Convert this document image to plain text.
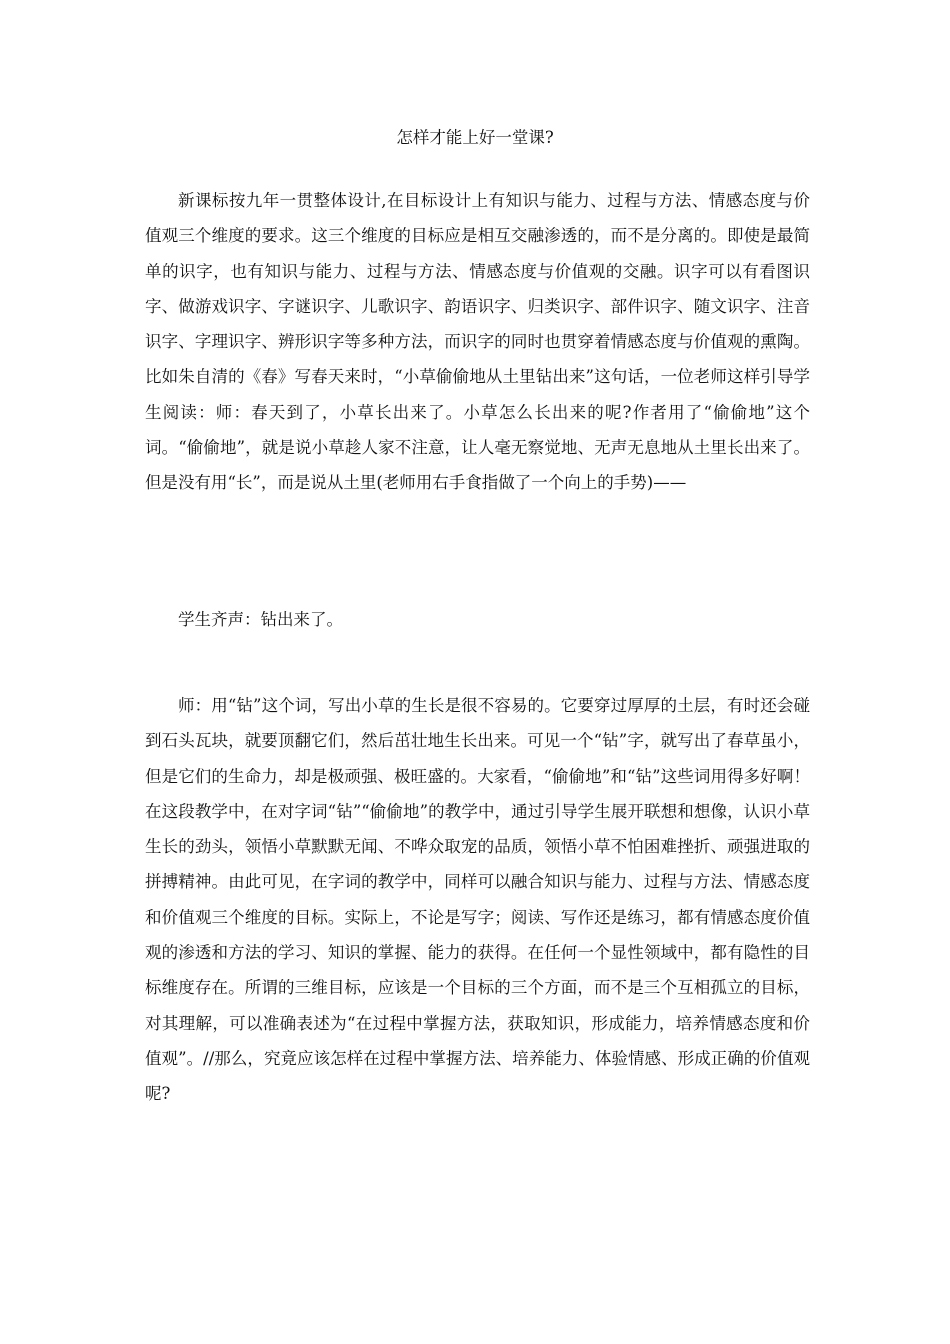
怎样才能上好一堂课?

新课标按九年一贯整体设计,在目标设计上有知识与能力、过程与方法、情感态度与价值观三个维度的要求。这三个维度的目标应是相互交融渗透的，而不是分离的。即使是最简单的识字，也有知识与能力、过程与方法、情感态度与价值观的交融。识字可以有看图识字、做游戏识字、字谜识字、儿歌识字、韵语识字、归类识字、部件识字、随文识字、注音识字、字理识字、辨形识字等多种方法，而识字的同时也贯穿着情感态度与价值观的熏陶。比如朱自清的《春》写春天来时，“小草偷偷地从土里钻出来”这句话，一位老师这样引导学生阅读：师：春天到了，小草长出来了。小草怎么长出来的呢?作者用了“偷偷地”这个词。“偷偷地”，就是说小草趁人家不注意，让人毫无察觉地、无声无息地从土里长出来了。但是没有用“长”，而是说从土里(老师用右手食指做了一个向上的手势)——

学生齐声：钻出来了。

师：用“钻”这个词，写出小草的生长是很不容易的。它要穿过厚厚的土层，有时还会碰到石头瓦块，就要顶翻它们，然后茁壮地生长出来。可见一个“钻”字，就写出了春草虽小，但是它们的生命力，却是极顽强、极旺盛的。大家看，“偷偷地”和“钻”这些词用得多好啊！在这段教学中，在对字词“钻”“偷偷地”的教学中，通过引导学生展开联想和想像，认识小草生长的劲头，领悟小草默默无闻、不哗众取宠的品质，领悟小草不怕困难挫折、顽强进取的拼搏精神。由此可见，在字词的教学中，同样可以融合知识与能力、过程与方法、情感态度和价值观三个维度的目标。实际上，不论是写字；阅读、写作还是练习，都有情感态度价值观的渗透和方法的学习、知识的掌握、能力的获得。在任何一个显性领域中，都有隐性的目标维度存在。所谓的三维目标，应该是一个目标的三个方面，而不是三个互相孤立的目标，对其理解，可以准确表述为“在过程中掌握方法，获取知识，形成能力，培养情感态度和价值观”。//那么，究竟应该怎样在过程中掌握方法、培养能力、体验情感、形成正确的价值观呢?
